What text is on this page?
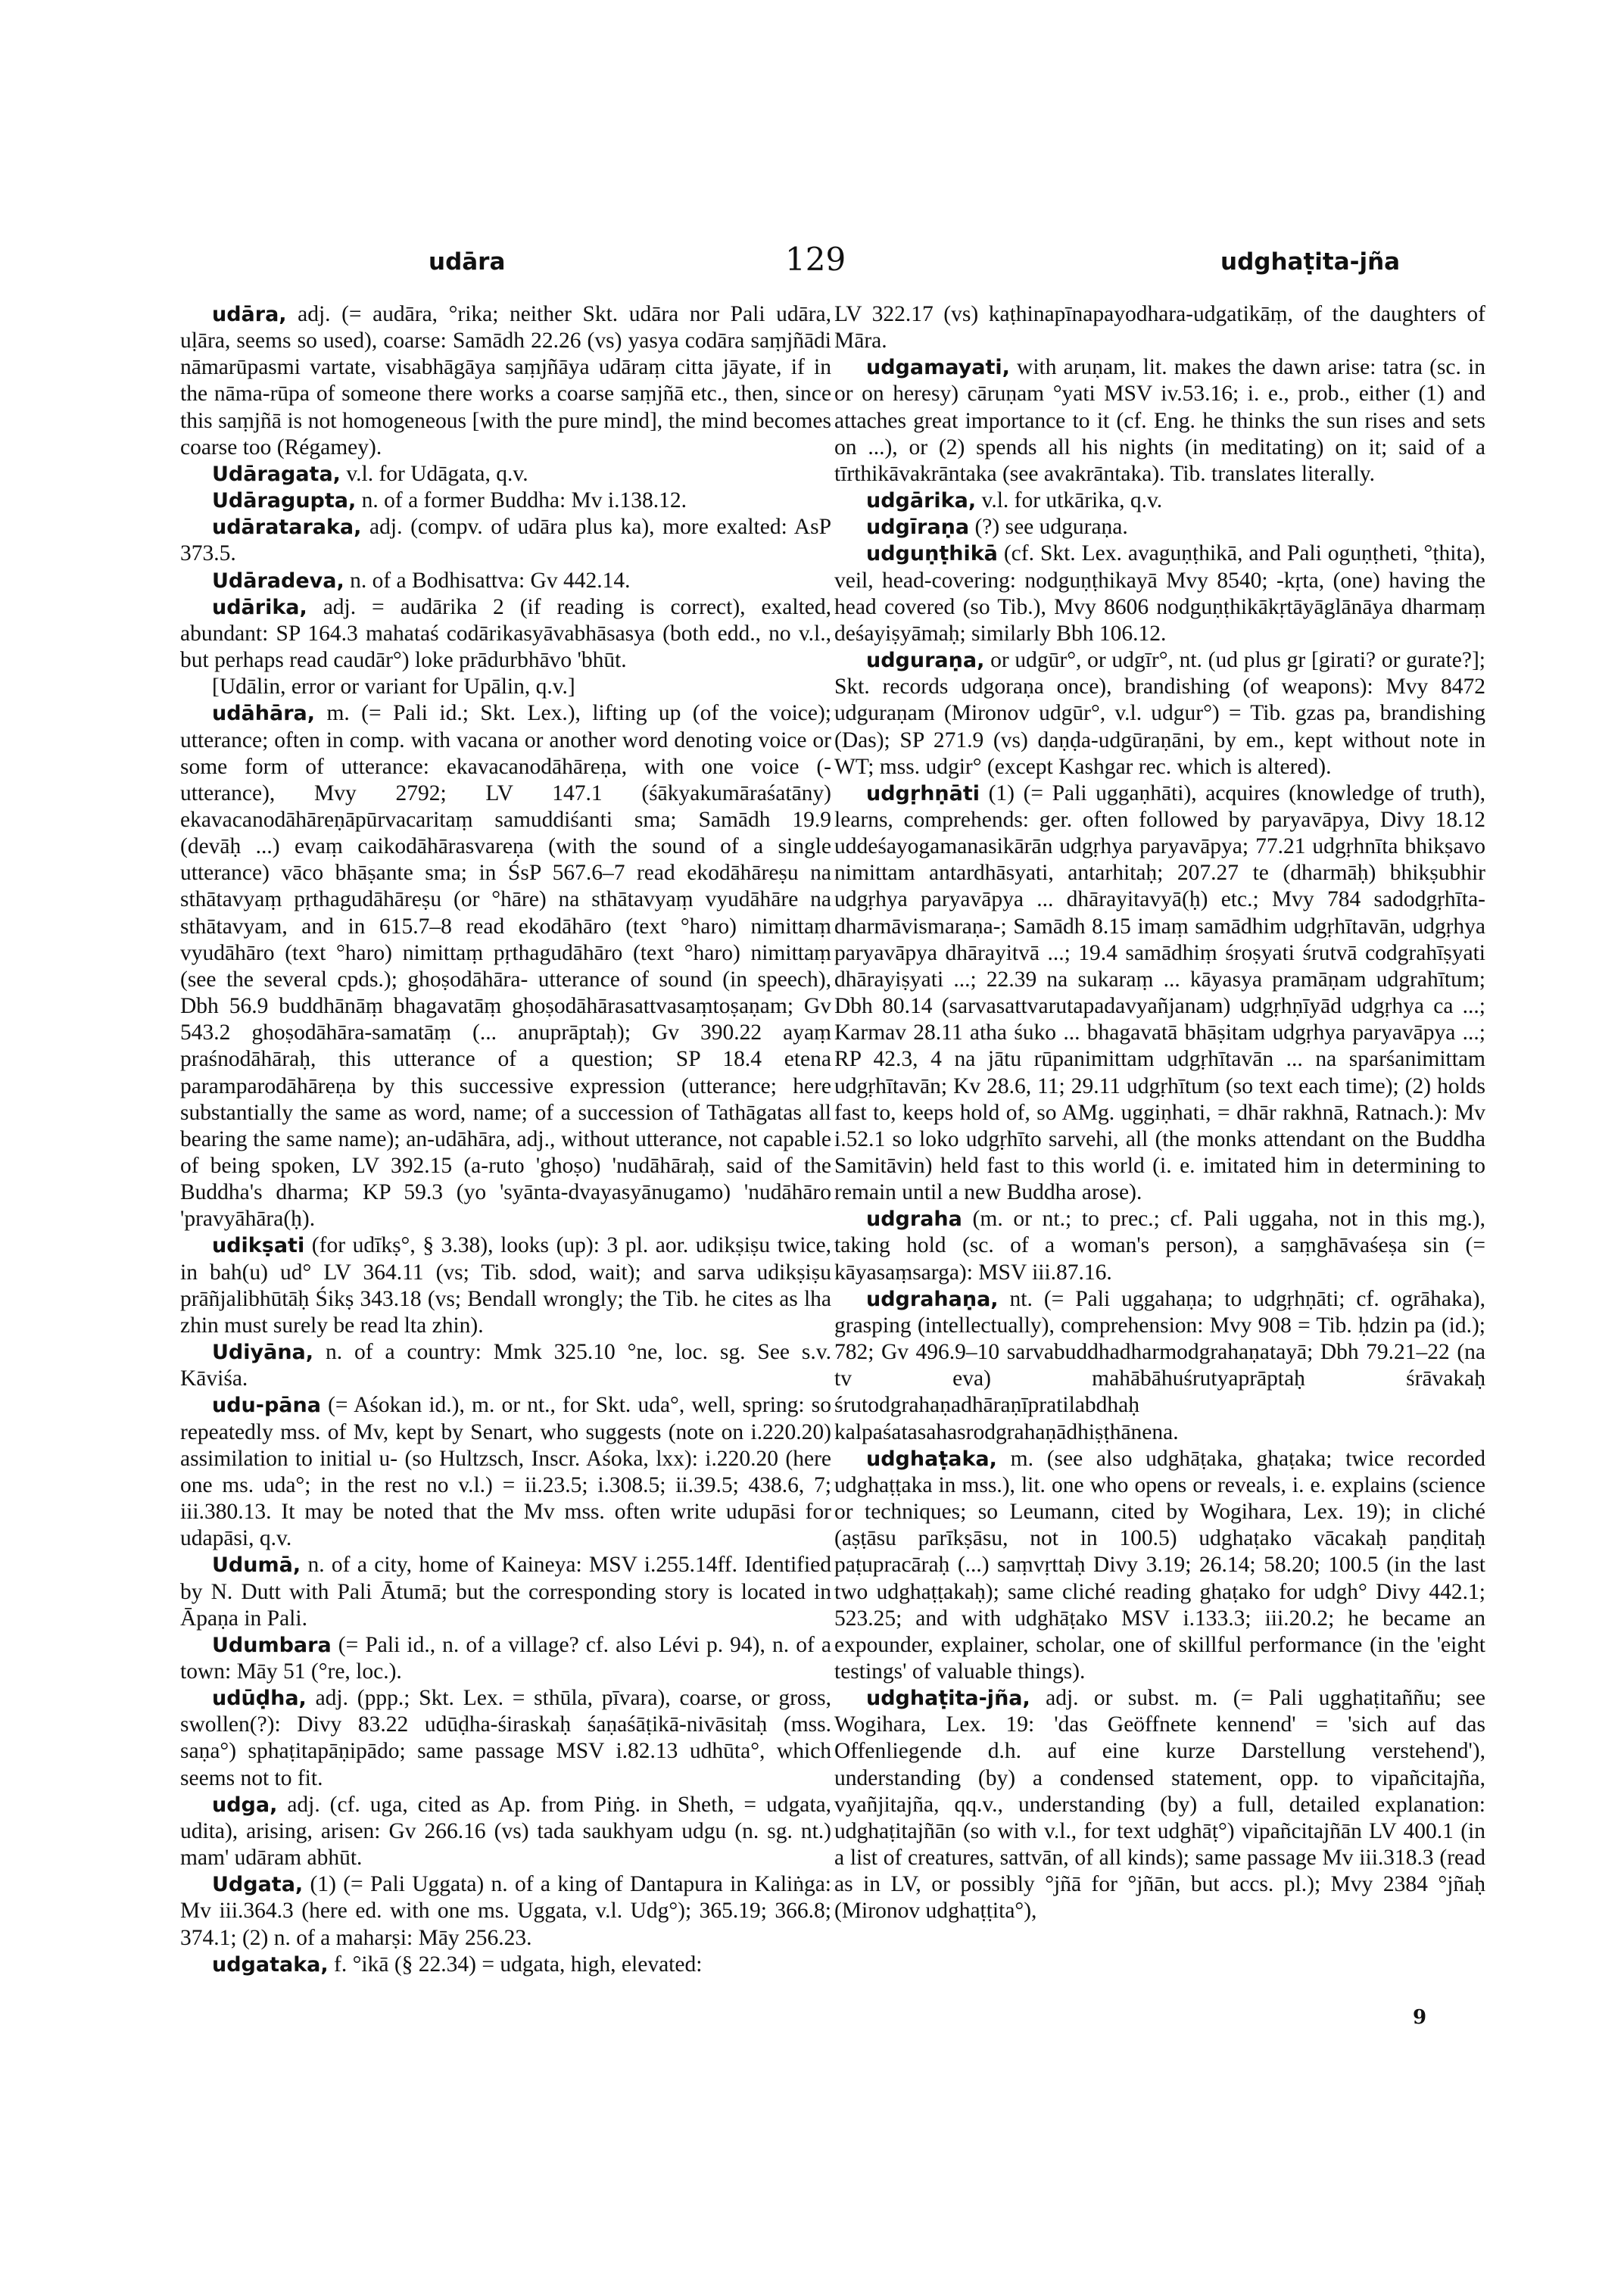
udāra	129	udghaṭita-jña

udāra, adj. (= audāra, °rika; neither Skt. udāra nor Pali udāra, uḷāra, seems so used), coarse: Samādh 22.26 (vs) yasya codāra saṃjñādi nāmarūpasmi vartate, visabhāgāya saṃjñāya udāraṃ citta jāyate, if in the nāma-rūpa of someone there works a coarse saṃjñā etc., then, since this saṃjñā is not homogeneous [with the pure mind], the mind becomes coarse too (Régamey).

Udāragata, v.l. for Udāgata, q.v.

Udāragupta, n. of a former Buddha: Mv i.138.12.

udārataraka, adj. (compv. of udāra plus ka), more exalted: AsP 373.5.

Udāradeva, n. of a Bodhisattva: Gv 442.14.

udārika, adj. = audārika 2 (if reading is correct), exalted, abundant: SP 164.3 mahataś codārikasyāvabhāsasya (both edd., no v.l., but perhaps read caudār°) loke prādurbhāvo 'bhūt.

[Udālin, error or variant for Upālin, q.v.]

udāhāra, m. (= Pali id.; Skt. Lex.), lifting up (of the voice); utterance; often in comp. with vacana or another word denoting voice or some form of utterance: ekavacanodāhāreṇa, with one voice (-utterance), Mvy 2792; LV 147.1 (śākyakumāraśatāny) ekavacanodāhāreṇāpūrvacaritaṃ samuddiśanti sma; Samādh 19.9 (devāḥ ...) evaṃ caikodāhārasvareṇa (with the sound of a single utterance) vāco bhāṣante sma; in ŚsP 567.6–7 read ekodāhāreṣu na sthātavyaṃ pṛthagudāhāreṣu (or °hāre) na sthātavyaṃ vyudāhāre na sthātavyam, and in 615.7–8 read ekodāhāro (text °haro) nimittaṃ vyudāhāro (text °haro) nimittaṃ pṛthagudāhāro (text °haro) nimittaṃ (see the several cpds.); ghoṣodāhāra- utterance of sound (in speech), Dbh 56.9 buddhānāṃ bhagavatāṃ ghoṣodāhārasattvasaṃtoṣaṇam; Gv 543.2 ghoṣodāhāra-samatāṃ (... anuprāptaḥ); Gv 390.22 ayaṃ praśnodāhāraḥ, this utterance of a question; SP 18.4 etena paramparodāhāreṇa by this successive expression (utterance; here substantially the same as word, name; of a succession of Tathāgatas all bearing the same name); an-udāhāra, adj., without utterance, not capable of being spoken, LV 392.15 (a-ruto 'ghoṣo) 'nudāhāraḥ, said of the Buddha's dharma; KP 59.3 (yo 'syānta-dvayasyānugamo) 'nudāhāro 'pravyāhāra(ḥ).

udikṣati (for udīkṣ°, § 3.38), looks (up): 3 pl. aor. udikṣiṣu twice, in bah(u) ud° LV 364.11 (vs; Tib. sdod, wait); and sarva udikṣiṣu prāñjalibhūtāḥ Śikṣ 343.18 (vs; Bendall wrongly; the Tib. he cites as lha zhin must surely be read lta zhin).

Udiyāna, n. of a country: Mmk 325.10 °ne, loc. sg. See s.v. Kāviśa.

udu-pāna (= Aśokan id.), m. or nt., for Skt. uda°, well, spring: so repeatedly mss. of Mv, kept by Senart, who suggests (note on i.220.20) assimilation to initial u- (so Hultzsch, Inscr. Aśoka, lxx): i.220.20 (here one ms. uda°; in the rest no v.l.) = ii.23.5; i.308.5; ii.39.5; 438.6, 7; iii.380.13. It may be noted that the Mv mss. often write udupāsi for udapāsi, q.v.

Udumā, n. of a city, home of Kaineya: MSV i.255.14ff. Identified by N. Dutt with Pali Ātumā; but the corresponding story is located in Āpaṇa in Pali.

Udumbara (= Pali id., n. of a village? cf. also Lévi p. 94), n. of a town: Māy 51 (°re, loc.).

udūḍha, adj. (ppp.; Skt. Lex. = sthūla, pīvara), coarse, or gross, swollen(?): Divy 83.22 udūḍha-śiraskaḥ śaṇaśāṭikā-nivāsitaḥ (mss. saṇa°) sphaṭitapāṇipādo; same passage MSV i.82.13 udhūta°, which seems not to fit.

udga, adj. (cf. uga, cited as Ap. from Piṅg. in Sheth, = udgata, udita), arising, arisen: Gv 266.16 (vs) tada saukhyam udgu (n. sg. nt.) mam' udāram abhūt.

Udgata, (1) (= Pali Uggata) n. of a king of Dantapura in Kaliṅga: Mv iii.364.3 (here ed. with one ms. Uggata, v.l. Udg°); 365.19; 366.8; 374.1; (2) n. of a maharṣi: Māy 256.23.

udgataka, f. °ikā (§ 22.34) = udgata, high, elevated:

LV 322.17 (vs) kaṭhinapīnapayodhara-udgatikāṃ, of the daughters of Māra.

udgamayati, with aruṇam, lit. makes the dawn arise: tatra (sc. in or on heresy) cāruṇam °yati MSV iv.53.16; i. e., prob., either (1) and attaches great importance to it (cf. Eng. he thinks the sun rises and sets on ...), or (2) spends all his nights (in meditating) on it; said of a tīrthikāvakrāntaka (see avakrāntaka). Tib. translates literally.

udgārika, v.l. for utkārika, q.v.

udgīraṇa (?) see udguraṇa.

udguṇṭhikā (cf. Skt. Lex. avaguṇṭhikā, and Pali oguṇṭheti, °ṭhita), veil, head-covering: nodguṇṭhikayā Mvy 8540; -kṛta, (one) having the head covered (so Tib.), Mvy 8606 nodguṇṭhikākṛtāyāglānāya dharmaṃ deśayiṣyāmaḥ; similarly Bbh 106.12.

udguraṇa, or udgūr°, or udgīr°, nt. (ud plus gr [girati? or gurate?]; Skt. records udgoraṇa once), brandishing (of weapons): Mvy 8472 udguraṇam (Mironov udgūr°, v.l. udgur°) = Tib. gzas pa, brandishing (Das); SP 271.9 (vs) daṇḍa-udgūraṇāni, by em., kept without note in WT; mss. udgir° (except Kashgar rec. which is altered).

udgṛhṇāti (1) (= Pali uggaṇhāti), acquires (knowledge of truth), learns, comprehends: ger. often followed by paryavāpya, Divy 18.12 uddeśayogamanasikārān udgṛhya paryavāpya; 77.21 udgṛhnīta bhikṣavo nimittam antardhāsyati, antarhitaḥ; 207.27 te (dharmāḥ) bhikṣubhir udgṛhya paryavāpya ... dhārayitavyā(ḥ) etc.; Mvy 784 sadodgṛhīta-dharmāvismaraṇa-; Samādh 8.15 imaṃ samādhim udgṛhītavān, udgṛhya paryavāpya dhārayitvā ...; 19.4 samādhiṃ śroṣyati śrutvā codgrahīṣyati dhārayiṣyati ...; 22.39 na sukaraṃ ... kāyasya pramāṇam udgrahītum; Dbh 80.14 (sarvasattvarutapadavyañjanam) udgṛhṇīyād udgṛhya ca ...; Karmav 28.11 atha śuko ... bhagavatā bhāṣitam udgṛhya paryavāpya ...; RP 42.3, 4 na jātu rūpanimittam udgṛhītavān ... na sparśanimittam udgṛhītavān; Kv 28.6, 11; 29.11 udgṛhītum (so text each time); (2) holds fast to, keeps hold of, so AMg. uggiṇhati, = dhār rakhnā, Ratnach.): Mv i.52.1 so loko udgṛhīto sarvehi, all (the monks attendant on the Buddha Samitāvin) held fast to this world (i. e. imitated him in determining to remain until a new Buddha arose).

udgraha (m. or nt.; to prec.; cf. Pali uggaha, not in this mg.), taking hold (sc. of a woman's person), a saṃghāvaśeṣa sin (= kāyasaṃsarga): MSV iii.87.16.

udgrahaṇa, nt. (= Pali uggahaṇa; to udgṛhṇāti; cf. ogrāhaka), grasping (intellectually), comprehension: Mvy 908 = Tib. ḥdzin pa (id.); 782; Gv 496.9–10 sarvabuddhadharmodgrahaṇatayā; Dbh 79.21–22 (na tv eva) mahābāhuśrutyaprāptaḥ śrāvakaḥ śrutodgrahaṇadhāraṇīpratilabdhaḥ kalpaśatasahasrodgrahaṇādhiṣṭhānena.

udghaṭaka, m. (see also udghāṭaka, ghaṭaka; twice recorded udghaṭṭaka in mss.), lit. one who opens or reveals, i. e. explains (science or techniques; so Leumann, cited by Wogihara, Lex. 19); in cliché (aṣṭāsu parīkṣāsu, not in 100.5) udghaṭako vācakaḥ paṇḍitaḥ paṭupracāraḥ (...) saṃvṛttaḥ Divy 3.19; 26.14; 58.20; 100.5 (in the last two udghaṭṭakaḥ); same cliché reading ghaṭako for udgh° Divy 442.1; 523.25; and with udghāṭako MSV i.133.3; iii.20.2; he became an expounder, explainer, scholar, one of skillful performance (in the 'eight testings' of valuable things).

udghaṭita-jña, adj. or subst. m. (= Pali ugghaṭitaññu; see Wogihara, Lex. 19: 'das Geöffnete kennend' = 'sich auf das Offenliegende d.h. auf eine kurze Darstellung verstehend'), understanding (by) a condensed statement, opp. to vipañcitajña, vyañjitajña, qq.v., understanding (by) a full, detailed explanation: udghaṭitajñān (so with v.l., for text udghāṭ°) vipañcitajñān LV 400.1 (in a list of creatures, sattvān, of all kinds); same passage Mv iii.318.3 (read as in LV, or possibly °jñā for °jñān, but accs. pl.); Mvy 2384 °jñaḥ (Mironov udghaṭṭita°),

9
